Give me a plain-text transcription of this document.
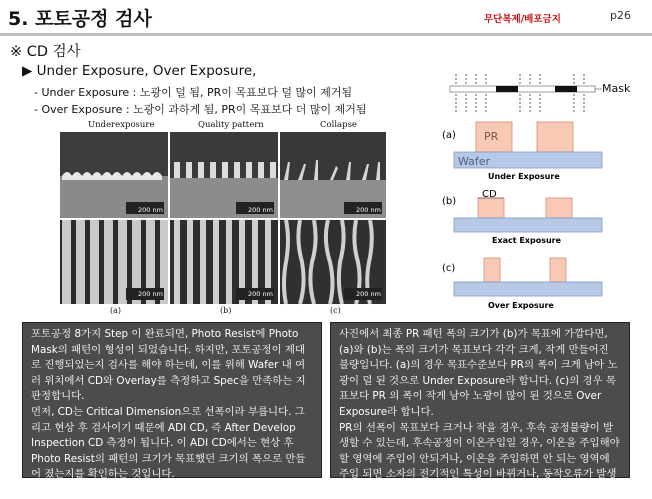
5. 포토공정 검사	무단복제/배포금지	p26
※ CD 검사
▶ Under Exposure, Over Exposure,
- Under Exposure : 노광이 덜 됨, PR이 목표보다 덜 많이 제거됨
- Over Exposure : 노광이 과하게 됨, PR이 목표보다 더 많이 제거됨
Underexposure	Quality pattern	Collapse
200 nm	200 nm	200 nm
200 nm	200 nm	200 nm
(a)	(b)	(c)
(a)	PR
Wafer
Under Exposure
(b)
CD
Exact Exposure
(c)
Over Exposure
Mask

포토공정 8가지 Step 이 완료되면, Photo Resist에 Photo Mask의 패턴이 형성이 되었습니다. 하지만, 포토공정이 제대로 진행되었는지 검사를 해야 하는데, 이를 위해 Wafer 내 여러 위치에서 CD와 Overlay를 측정하고 Spec을 만족하는 지 판정합니다.

먼저, CD는 Critical Dimension으로 선폭이라 부릅니다. 그리고 현상 후 검사이기 때문에 ADI CD, 즉 After Develop Inspection CD 측정이 됩니다. 이 ADI CD에서는 현상 후 Photo Resist의 패턴의 크기가 목표했던 크기의 폭으로 만들어 졌는지를 확인하는 것입니다.

사진에서 최종 PR 패턴 폭의 크기가 (b)가 목표에 가깝다면,(a)와 (b)는 폭의 크기가 목표보다 각각 크게, 작게 만들어진 불량입니다. (a)의 경우 목표수준보다 PR의 폭이 크게 남아 노광이 덜 된 것으로 Under Exposure라 합니다. (c)의 경우 목표보다 PR 의 폭이 작게 남아 노광이 많이 된 것으로 Over Exposure라 합니다.

PR의 선폭이 목표보다 크거나 작을 경우, 후속 공정불량이 발생할 수 있는데, 후속공정이 이온주입일 경우, 이온을 주입해야 할 영역에 주입이 안되거나, 이온을 주입하면 안 되는 영역에 주입 되면 소자의 전기적인 특성이 바뀌거나, 동작오류가 발생할 수 있습니다.
